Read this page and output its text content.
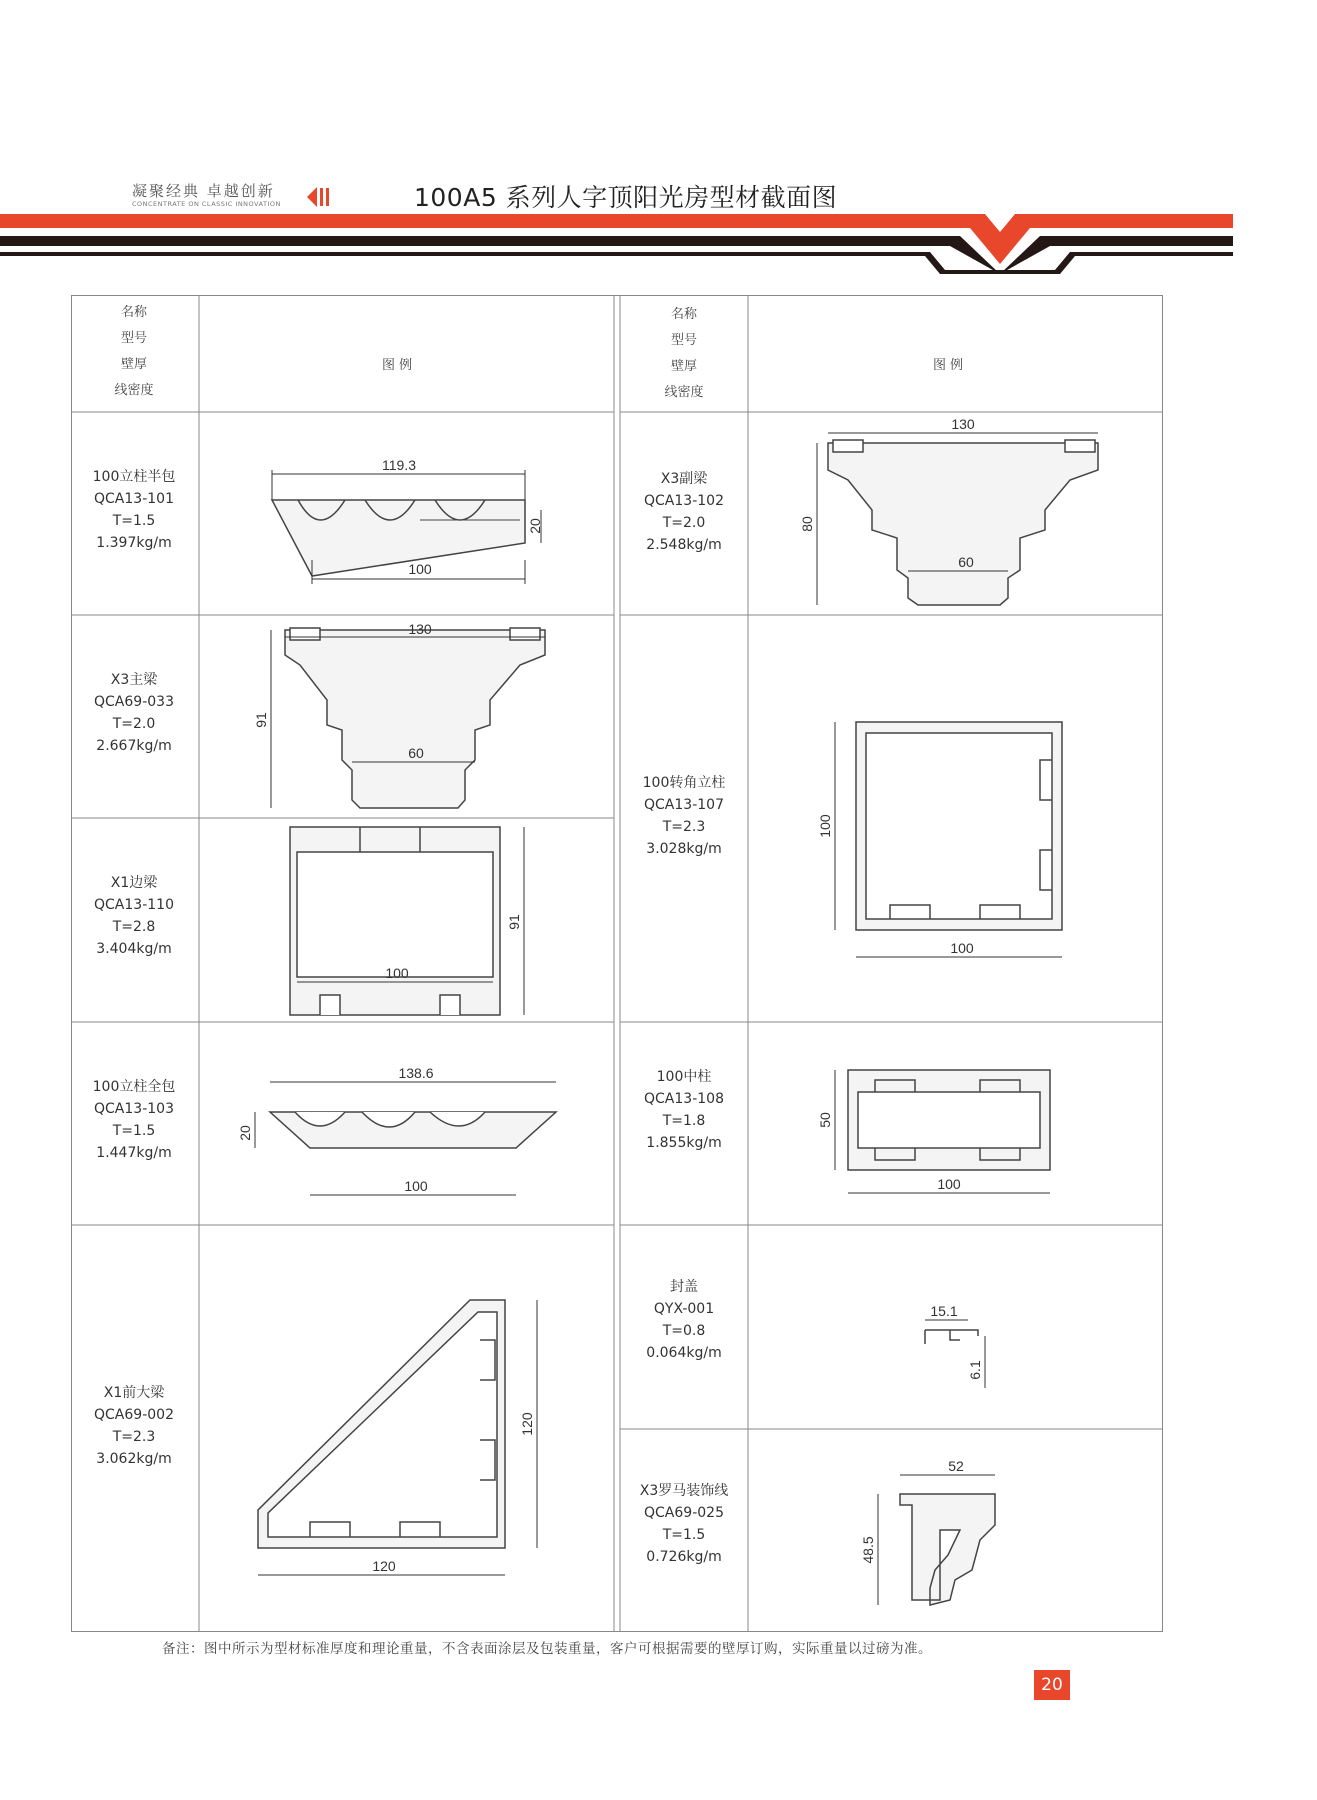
凝聚经典 卓越创新
CONCENTRATE ON CLASSIC INNOVATION	100A5 系列人字顶阳光房型材截面图
名称
型号
壁厚
线密度
图例
名称
型号
壁厚
线密度
图例
100立柱半包
QCA13-101
T=1.5
1.397kg/m
X3主梁
QCA69-033
T=2.0
2.667kg/m
X1边梁
QCA13-110
T=2.8
3.404kg/m
100立柱全包
QCA13-103
T=1.5
1.447kg/m
X1前大梁
QCA69-002
T=2.3
3.062kg/m
X3副梁
QCA13-102
T=2.0
2.548kg/m
100转角立柱
QCA13-107
T=2.3
3.028kg/m
100中柱
QCA13-108
T=1.8
1.855kg/m
封盖
QYX-001
T=0.8
0.064kg/m
X3罗马装饰线
QCA69-025
T=1.5
0.726kg/m
119.3
100
20
130
60
91
100
91
138.6
100
20
120
120
130
60
80
100
100
100
50
15.1
6.1
52
48.5
备注：图中所示为型材标准厚度和理论重量，不含表面涂层及包装重量，客户可根据需要的壁厚订购，实际重量以过磅为准。
20
